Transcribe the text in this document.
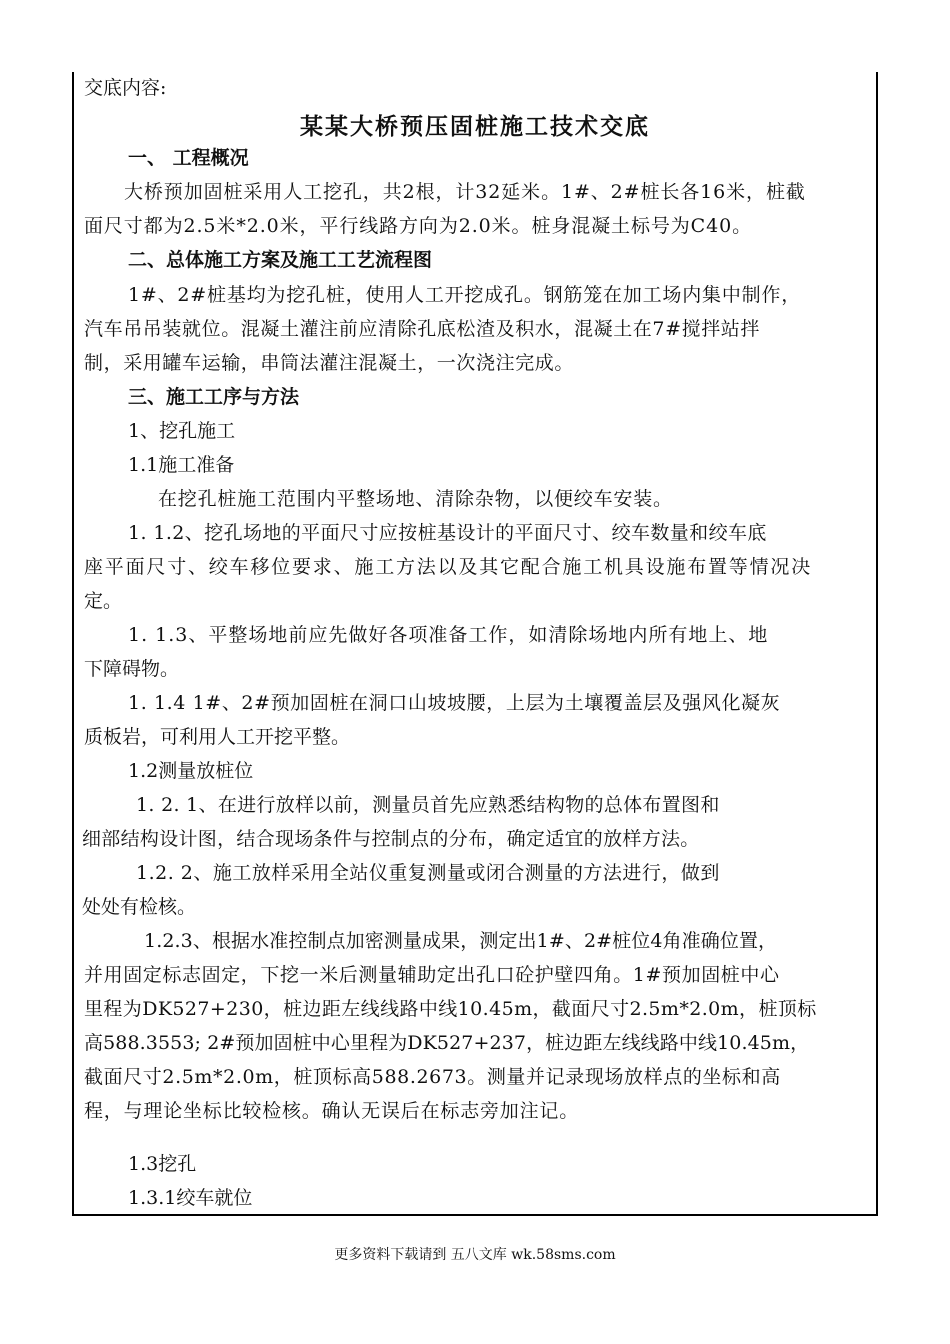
交底内容:
某某大桥预压固桩施工技术交底
一、 工程概况
大桥预加固桩采用人工挖孔，共2根，计32延米。1#、2#桩长各16米，桩截
面尺寸都为2.5米*2.0米，平行线路方向为2.0米。桩身混凝土标号为C40。
二、总体施工方案及施工工艺流程图
1#、2#桩基均为挖孔桩，使用人工开挖成孔。钢筋笼在加工场内集中制作，
汽车吊吊装就位。混凝土灌注前应清除孔底松渣及积水，混凝土在7#搅拌站拌
制，采用罐车运输，串筒法灌注混凝土，一次浇注完成。
三、施工工序与方法
1、挖孔施工
1.1施工准备
在挖孔桩施工范围内平整场地、清除杂物，以便绞车安装。
1. 1.2、挖孔场地的平面尺寸应按桩基设计的平面尺寸、绞车数量和绞车底
座平面尺寸、绞车移位要求、施工方法以及其它配合施工机具设施布置等情况决
定。
1. 1.3、平整场地前应先做好各项准备工作，如清除场地内所有地上、地
下障碍物。
1. 1.4 1#、2#预加固桩在洞口山坡坡腰，上层为土壤覆盖层及强风化凝灰
质板岩，可利用人工开挖平整。
1.2测量放桩位
1. 2. 1、在进行放样以前，测量员首先应熟悉结构物的总体布置图和
细部结构设计图，结合现场条件与控制点的分布，确定适宜的放样方法。
1.2. 2、施工放样采用全站仪重复测量或闭合测量的方法进行，做到
处处有检核。
1.2.3、根据水准控制点加密测量成果，测定出1#、2#桩位4角准确位置，
并用固定标志固定，下挖一米后测量辅助定出孔口砼护壁四角。1#预加固桩中心
里程为DK527+230，桩边距左线线路中线10.45m，截面尺寸2.5m*2.0m，桩顶标
高588.3553; 2#预加固桩中心里程为DK527+237，桩边距左线线路中线10.45m，
截面尺寸2.5m*2.0m，桩顶标高588.2673。测量并记录现场放样点的坐标和高
程，与理论坐标比较检核。确认无误后在标志旁加注记。
1.3挖孔
1.3.1绞车就位
更多资料下载请到 五八文库 wk.58sms.com
